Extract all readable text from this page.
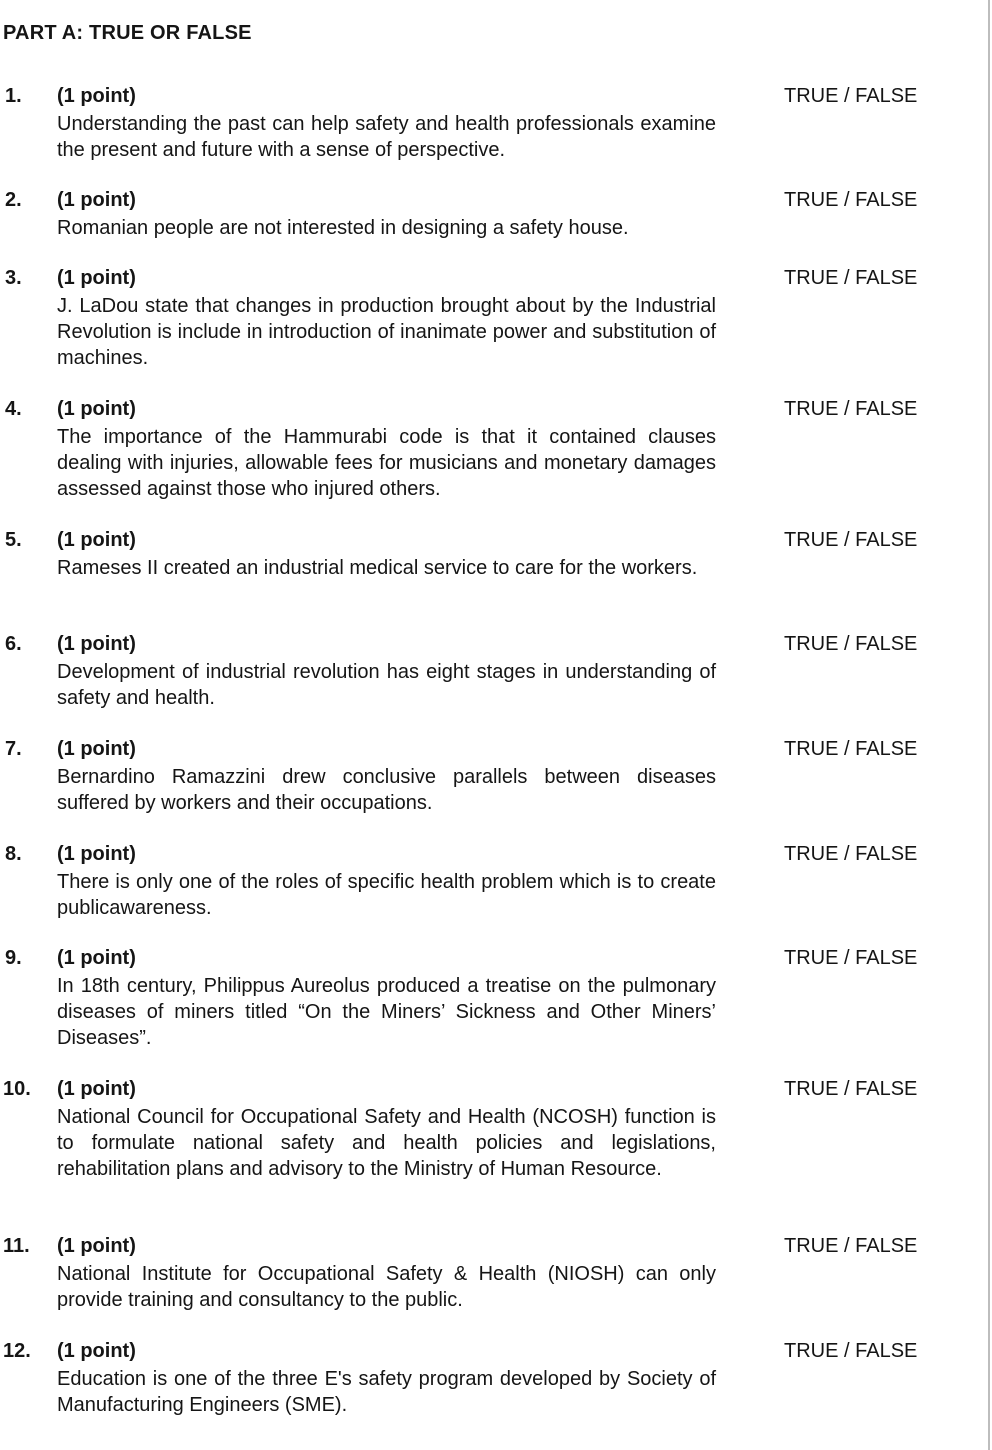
PART A: TRUE OR FALSE
1. (1 point)	TRUE / FALSE
Understanding the past can help safety and health professionals examine the present and future with a sense of perspective.
2. (1 point)	TRUE / FALSE
Romanian people are not interested in designing a safety house.
3. (1 point)	TRUE / FALSE
J. LaDou state that changes in production brought about by the Industrial Revolution is include in introduction of inanimate power and substitution of machines.
4. (1 point)	TRUE / FALSE
The importance of the Hammurabi code is that it contained clauses dealing with injuries, allowable fees for musicians and monetary damages assessed against those who injured others.
5. (1 point)	TRUE / FALSE
Rameses II created an industrial medical service to care for the workers.
6. (1 point)	TRUE / FALSE
Development of industrial revolution has eight stages in understanding of safety and health.
7. (1 point)	TRUE / FALSE
Bernardino Ramazzini drew conclusive parallels between diseases suffered by workers and their occupations.
8. (1 point)	TRUE / FALSE
There is only one of the roles of specific health problem which is to create publicawareness.
9. (1 point)	TRUE / FALSE
In 18th century, Philippus Aureolus produced a treatise on the pulmonary diseases of miners titled “On the Miners’ Sickness and Other Miners’ Diseases”.
10. (1 point)	TRUE / FALSE
National Council for Occupational Safety and Health (NCOSH) function is to formulate national safety and health policies and legislations, rehabilitation plans and advisory to the Ministry of Human Resource.
11. (1 point)	TRUE / FALSE
National Institute for Occupational Safety & Health (NIOSH) can only provide training and consultancy to the public.
12. (1 point)	TRUE / FALSE
Education is one of the three E's safety program developed by Society of Manufacturing Engineers (SME).
